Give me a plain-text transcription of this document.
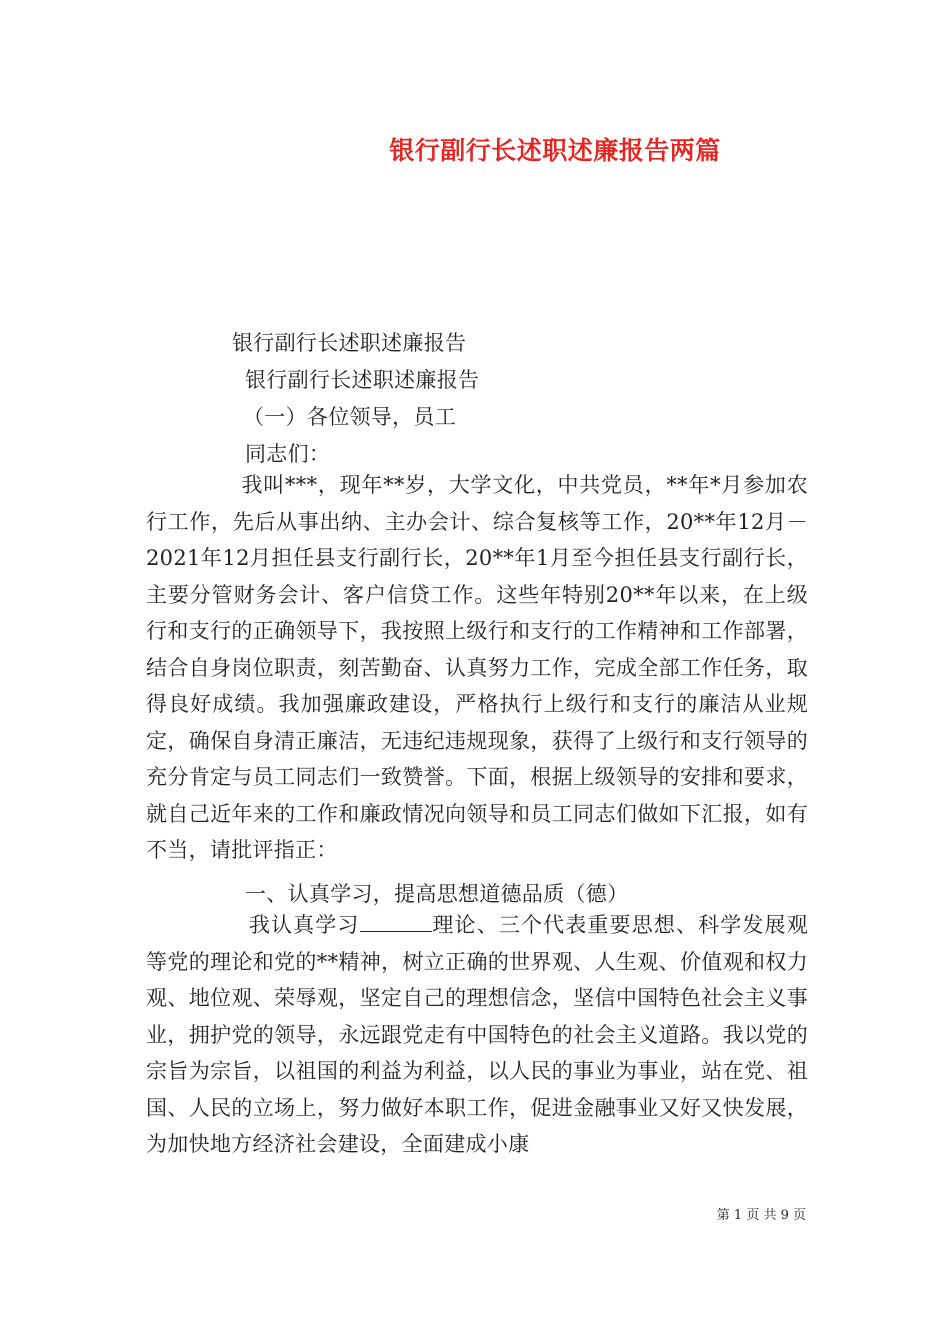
银行副行长述职述廉报告两篇
银行副行长述职述廉报告
银行副行长述职述廉报告
（一）各位领导，员工
同志们：

我叫***，现年**岁，大学文化，中共党员，**年*月参加农行工作，先后从事出纳、主办会计、综合复核等工作，20**年12月－2021年12月担任县支行副行长，20**年1月至今担任县支行副行长，主要分管财务会计、客户信贷工作。这些年特别20**年以来，在上级行和支行的正确领导下，我按照上级行和支行的工作精神和工作部署，结合自身岗位职责，刻苦勤奋、认真努力工作，完成全部工作任务，取得良好成绩。我加强廉政建设，严格执行上级行和支行的廉洁从业规定，确保自身清正廉洁，无违纪违规现象，获得了上级行和支行领导的充分肯定与员工同志们一致赞誉。下面，根据上级领导的安排和要求，就自己近年来的工作和廉政情况向领导和员工同志们做如下汇报，如有不当，请批评指正：

一、认真学习，提高思想道德品质（德）

我认真学习	理论、三个代表重要思想、科学发展观等党的理论和党的**精神，树立正确的世界观、人生观、价值观和权力观、地位观、荣辱观，坚定自己的理想信念，坚信中国特色社会主义事业，拥护党的领导，永远跟党走有中国特色的社会主义道路。我以党的宗旨为宗旨，以祖国的利益为利益，以人民的事业为事业，站在党、祖国、人民的立场上，努力做好本职工作，促进金融事业又好又快发展，为加快地方经济社会建设，全面建成小康

第 1 页 共 9 页
